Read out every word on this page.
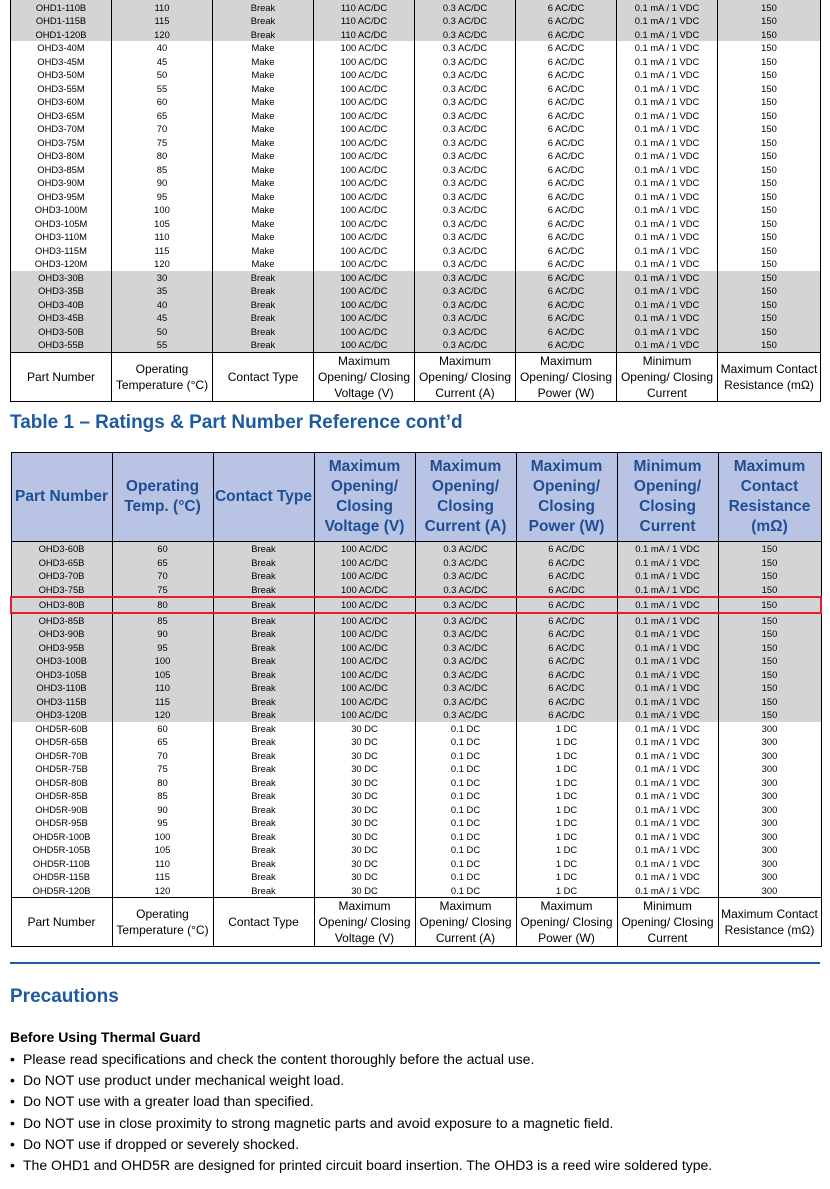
OHD1-110B	110	Break	110 AC/DC	0.3 AC/DC	6 AC/DC	0.1 mA / 1 VDC	150
OHD1-115B	115	Break	110 AC/DC	0.3 AC/DC	6 AC/DC	0.1 mA / 1 VDC	150
OHD1-120B	120	Break	110 AC/DC	0.3 AC/DC	6 AC/DC	0.1 mA / 1 VDC	150
OHD3-40M	40	Make	100 AC/DC	0.3 AC/DC	6 AC/DC	0.1 mA / 1 VDC	150
OHD3-45M	45	Make	100 AC/DC	0.3 AC/DC	6 AC/DC	0.1 mA / 1 VDC	150
OHD3-50M	50	Make	100 AC/DC	0.3 AC/DC	6 AC/DC	0.1 mA / 1 VDC	150
OHD3-55M	55	Make	100 AC/DC	0.3 AC/DC	6 AC/DC	0.1 mA / 1 VDC	150
OHD3-60M	60	Make	100 AC/DC	0.3 AC/DC	6 AC/DC	0.1 mA / 1 VDC	150
OHD3-65M	65	Make	100 AC/DC	0.3 AC/DC	6 AC/DC	0.1 mA / 1 VDC	150
OHD3-70M	70	Make	100 AC/DC	0.3 AC/DC	6 AC/DC	0.1 mA / 1 VDC	150
OHD3-75M	75	Make	100 AC/DC	0.3 AC/DC	6 AC/DC	0.1 mA / 1 VDC	150
OHD3-80M	80	Make	100 AC/DC	0.3 AC/DC	6 AC/DC	0.1 mA / 1 VDC	150
OHD3-85M	85	Make	100 AC/DC	0.3 AC/DC	6 AC/DC	0.1 mA / 1 VDC	150
OHD3-90M	90	Make	100 AC/DC	0.3 AC/DC	6 AC/DC	0.1 mA / 1 VDC	150
OHD3-95M	95	Make	100 AC/DC	0.3 AC/DC	6 AC/DC	0.1 mA / 1 VDC	150
OHD3-100M	100	Make	100 AC/DC	0.3 AC/DC	6 AC/DC	0.1 mA / 1 VDC	150
OHD3-105M	105	Make	100 AC/DC	0.3 AC/DC	6 AC/DC	0.1 mA / 1 VDC	150
OHD3-110M	110	Make	100 AC/DC	0.3 AC/DC	6 AC/DC	0.1 mA / 1 VDC	150
OHD3-115M	115	Make	100 AC/DC	0.3 AC/DC	6 AC/DC	0.1 mA / 1 VDC	150
OHD3-120M	120	Make	100 AC/DC	0.3 AC/DC	6 AC/DC	0.1 mA / 1 VDC	150
OHD3-30B	30	Break	100 AC/DC	0.3 AC/DC	6 AC/DC	0.1 mA / 1 VDC	150
OHD3-35B	35	Break	100 AC/DC	0.3 AC/DC	6 AC/DC	0.1 mA / 1 VDC	150
OHD3-40B	40	Break	100 AC/DC	0.3 AC/DC	6 AC/DC	0.1 mA / 1 VDC	150
OHD3-45B	45	Break	100 AC/DC	0.3 AC/DC	6 AC/DC	0.1 mA / 1 VDC	150
OHD3-50B	50	Break	100 AC/DC	0.3 AC/DC	6 AC/DC	0.1 mA / 1 VDC	150
OHD3-55B	55	Break	100 AC/DC	0.3 AC/DC	6 AC/DC	0.1 mA / 1 VDC	150
Part Number	Operating Temperature (°C)	Contact Type	Maximum Opening/ Closing Voltage (V)	Maximum Opening/ Closing Current (A)	Maximum Opening/ Closing Power (W)	Minimum Opening/ Closing Current	Maximum Contact Resistance (mΩ)
Table 1 – Ratings & Part Number Reference cont’d
Part Number	Operating Temp. (°C)	Contact Type	Maximum Opening/ Closing Voltage (V)	Maximum Opening/ Closing Current (A)	Maximum Opening/ Closing Power (W)	Minimum Opening/ Closing Current	Maximum Contact Resistance (mΩ)
OHD3-60B	60	Break	100 AC/DC	0.3 AC/DC	6 AC/DC	0.1 mA / 1 VDC	150
OHD3-65B	65	Break	100 AC/DC	0.3 AC/DC	6 AC/DC	0.1 mA / 1 VDC	150
OHD3-70B	70	Break	100 AC/DC	0.3 AC/DC	6 AC/DC	0.1 mA / 1 VDC	150
OHD3-75B	75	Break	100 AC/DC	0.3 AC/DC	6 AC/DC	0.1 mA / 1 VDC	150
OHD3-80B	80	Break	100 AC/DC	0.3 AC/DC	6 AC/DC	0.1 mA / 1 VDC	150
OHD3-85B	85	Break	100 AC/DC	0.3 AC/DC	6 AC/DC	0.1 mA / 1 VDC	150
OHD3-90B	90	Break	100 AC/DC	0.3 AC/DC	6 AC/DC	0.1 mA / 1 VDC	150
OHD3-95B	95	Break	100 AC/DC	0.3 AC/DC	6 AC/DC	0.1 mA / 1 VDC	150
OHD3-100B	100	Break	100 AC/DC	0.3 AC/DC	6 AC/DC	0.1 mA / 1 VDC	150
OHD3-105B	105	Break	100 AC/DC	0.3 AC/DC	6 AC/DC	0.1 mA / 1 VDC	150
OHD3-110B	110	Break	100 AC/DC	0.3 AC/DC	6 AC/DC	0.1 mA / 1 VDC	150
OHD3-115B	115	Break	100 AC/DC	0.3 AC/DC	6 AC/DC	0.1 mA / 1 VDC	150
OHD3-120B	120	Break	100 AC/DC	0.3 AC/DC	6 AC/DC	0.1 mA / 1 VDC	150
OHD5R-60B	60	Break	30 DC	0.1 DC	1 DC	0.1 mA / 1 VDC	300
OHD5R-65B	65	Break	30 DC	0.1 DC	1 DC	0.1 mA / 1 VDC	300
OHD5R-70B	70	Break	30 DC	0.1 DC	1 DC	0.1 mA / 1 VDC	300
OHD5R-75B	75	Break	30 DC	0.1 DC	1 DC	0.1 mA / 1 VDC	300
OHD5R-80B	80	Break	30 DC	0.1 DC	1 DC	0.1 mA / 1 VDC	300
OHD5R-85B	85	Break	30 DC	0.1 DC	1 DC	0.1 mA / 1 VDC	300
OHD5R-90B	90	Break	30 DC	0.1 DC	1 DC	0.1 mA / 1 VDC	300
OHD5R-95B	95	Break	30 DC	0.1 DC	1 DC	0.1 mA / 1 VDC	300
OHD5R-100B	100	Break	30 DC	0.1 DC	1 DC	0.1 mA / 1 VDC	300
OHD5R-105B	105	Break	30 DC	0.1 DC	1 DC	0.1 mA / 1 VDC	300
OHD5R-110B	110	Break	30 DC	0.1 DC	1 DC	0.1 mA / 1 VDC	300
OHD5R-115B	115	Break	30 DC	0.1 DC	1 DC	0.1 mA / 1 VDC	300
OHD5R-120B	120	Break	30 DC	0.1 DC	1 DC	0.1 mA / 1 VDC	300
Part Number	Operating Temperature (°C)	Contact Type	Maximum Opening/ Closing Voltage (V)	Maximum Opening/ Closing Current (A)	Maximum Opening/ Closing Power (W)	Minimum Opening/ Closing Current	Maximum Contact Resistance (mΩ)
Precautions

Before Using Thermal Guard

• Please read specifications and check the content thoroughly before the actual use.
• Do NOT use product under mechanical weight load.
• Do NOT use with a greater load than specified.
• Do NOT use in close proximity to strong magnetic parts and avoid exposure to a magnetic field.
• Do NOT use if dropped or severely shocked.
• The OHD1 and OHD5R are designed for printed circuit board insertion. The OHD3 is a reed wire soldered type.
